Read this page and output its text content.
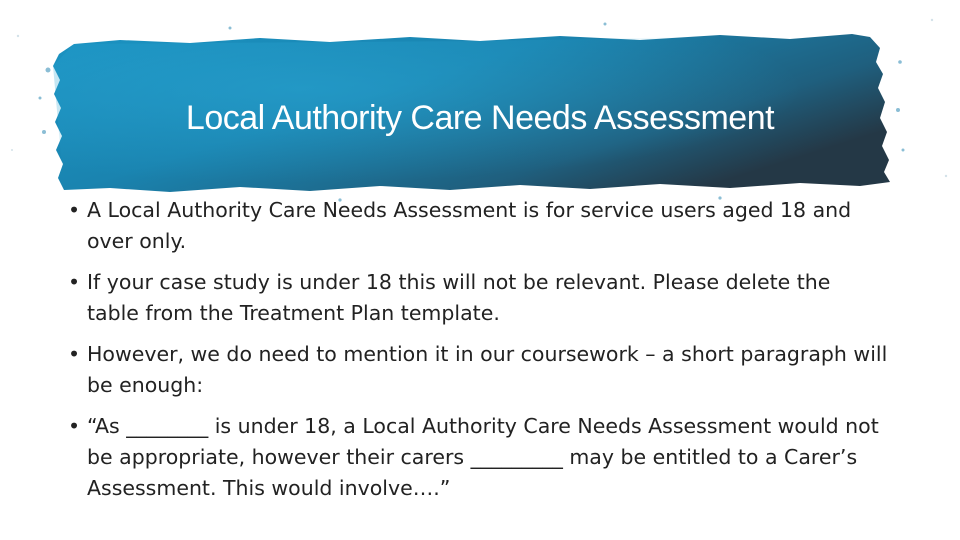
Local Authority Care Needs Assessment
• A Local Authority Care Needs Assessment is for service users aged 18 and over only.
• If your case study is under 18 this will not be relevant. Please delete the table from the Treatment Plan template.
• However, we do need to mention it in our coursework – a short paragraph will be enough:
• “As ________ is under 18, a Local Authority Care Needs Assessment would not be appropriate, however their carers _________ may be entitled to a Carer’s Assessment. This would involve….”
